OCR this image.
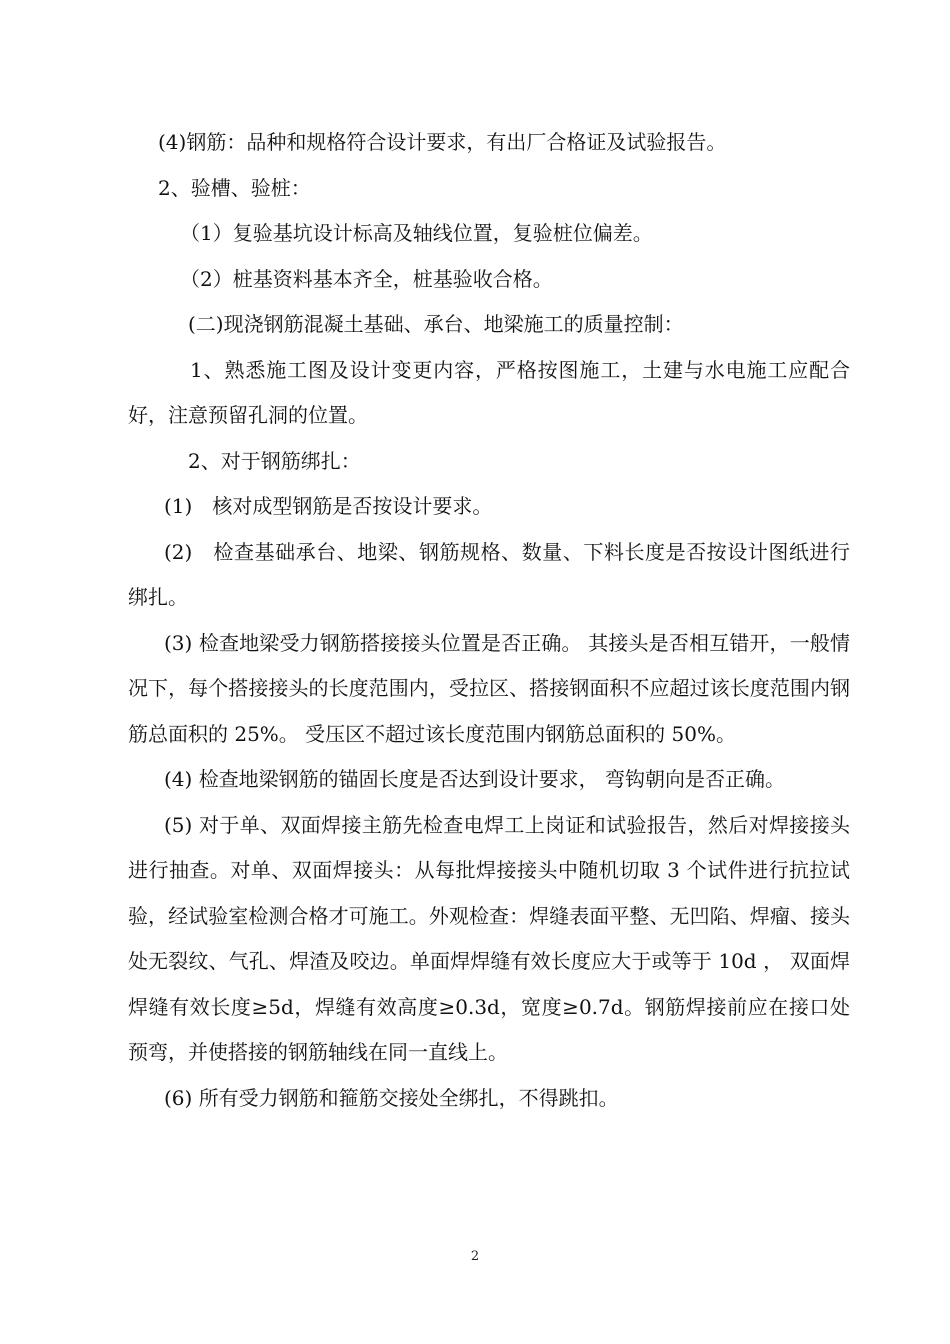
(4)钢筋：品种和规格符合设计要求，有出厂合格证及试验报告。

2、验槽、验桩：

（1）复验基坑设计标高及轴线位置，复验桩位偏差。

（2）桩基资料基本齐全，桩基验收合格。

(二)现浇钢筋混凝土基础、承台、地梁施工的质量控制：

1、熟悉施工图及设计变更内容，严格按图施工，土建与水电施工应配合好，注意预留孔洞的位置。

2、对于钢筋绑扎：

(1)　核对成型钢筋是否按设计要求。

(2)　检查基础承台、地梁、钢筋规格、数量、下料长度是否按设计图纸进行绑扎。

(3) 检查地梁受力钢筋搭接接头位置是否正确。 其接头是否相互错开，一般情况下，每个搭接接头的长度范围内，受拉区、搭接钢面积不应超过该长度范围内钢筋总面积的 25%。 受压区不超过该长度范围内钢筋总面积的 50%。

(4) 检查地梁钢筋的锚固长度是否达到设计要求， 弯钩朝向是否正确。

(5) 对于单、双面焊接主筋先检查电焊工上岗证和试验报告，然后对焊接接头进行抽查。对单、双面焊接头：从每批焊接接头中随机切取 3 个试件进行抗拉试验，经试验室检测合格才可施工。外观检查：焊缝表面平整、无凹陷、焊瘤、接头处无裂纹、气孔、焊渣及咬边。单面焊焊缝有效长度应大于或等于 10d ， 双面焊焊缝有效长度≥5d，焊缝有效高度≥0.3d，宽度≥0.7d。钢筋焊接前应在接口处预弯，并使搭接的钢筋轴线在同一直线上。

(6) 所有受力钢筋和箍筋交接处全绑扎，不得跳扣。

2
